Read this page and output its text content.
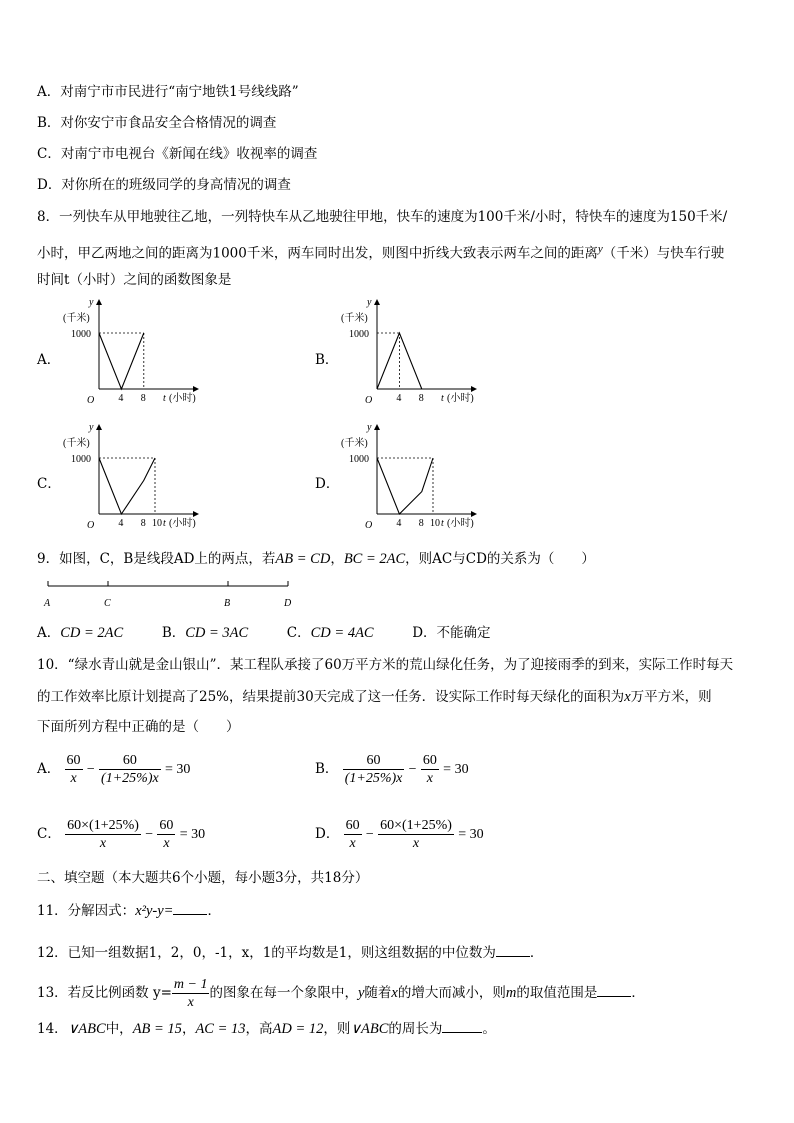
A．对南宁市市民进行“南宁地铁1号线线路”
B．对你安宁市食品安全合格情况的调查
C．对南宁市电视台《新闻在线》收视率的调查
D．对你所在的班级同学的身高情况的调查
8．一列快车从甲地驶往乙地，一列特快车从乙地驶往甲地，快车的速度为100千米/小时，特快车的速度为150千米/
小时，甲乙两地之间的距离为1000千米，两车同时出发，则图中折线大致表示两车之间的距离$^y$（千米）与快车行驶
时间t（小时）之间的函数图象是
A．	B．
C．	D．
y
(千米)
1000
O	t (小时)
4 8
y
(千米)
1000
O	t (小时)
4 8
y
(千米)
1000
O	t (小时)
4 8 10
y
(千米)
1000
O	t (小时)
4 8 10
9．如图，C，B是线段AD上的两点，若AB = CD，BC = 2AC，则AC与CD的关系为（　　）
A	C	B	D
A．CD = 2AC	B．CD = 3AC	C．CD = 4AC	D．不能确定
10．“绿水青山就是金山银山”．某工程队承接了60万平方米的荒山绿化任务，为了迎接雨季的到来，实际工作时每天
的工作效率比原计划提高了25%，结果提前30天完成了这一任务．设实际工作时每天绿化的面积为x万平方米，则
下面所列方程中正确的是（　　）
A． $\frac{60}{x} - \frac{60}{(1+25\%)x} = 30$	B． $\frac{60}{(1+25\%)x} - \frac{60}{x} = 30$
C． $\frac{60\times(1+25\%)}{x} - \frac{60}{x} = 30$	D． $\frac{60}{x} - \frac{60\times(1+25\%)}{x} = 30$
二、填空题（本大题共6个小题，每小题3分，共18分）
11．分解因式：x²y-y=	．
12．已知一组数据1，2，0，-1，x，1的平均数是1，则这组数据的中位数为	．
13．若反比例函数 $y= \frac{m - 1}{x}$ 的图象在每一个象限中，y随着x的增大而减小，则m的取值范围是	．
14．∨ABC中，AB = 15，AC = 13，高AD = 12，则∨ABC的周长为	。
